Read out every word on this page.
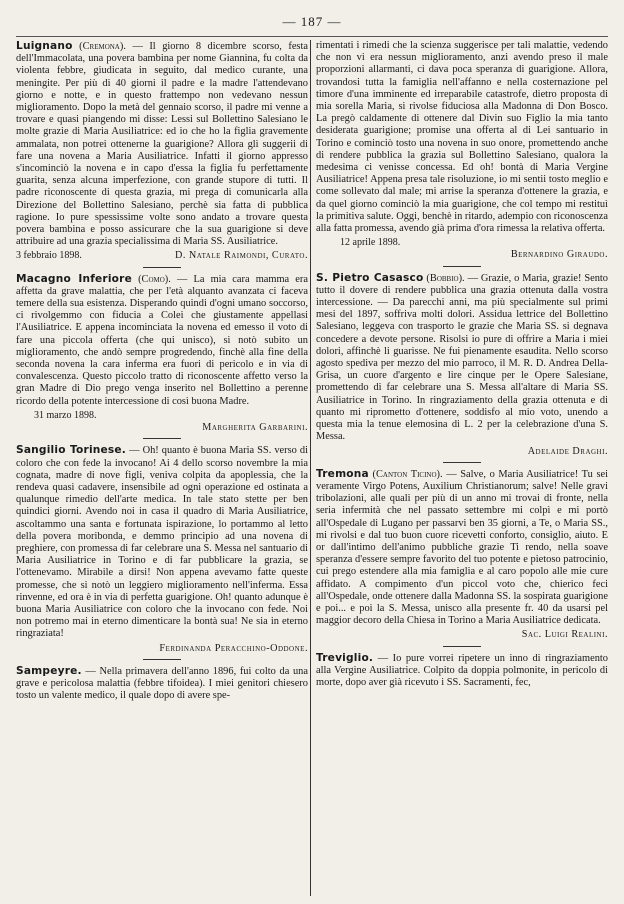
— 187 —

Luignano (Cremona). — Il giorno 8 dicembre scorso, festa dell'Immacolata, una povera bambina per nome Giannina, fu colta da violenta febbre, giudicata in seguito, dal medico curante, una meningite. Per più di 40 giorni il padre e la madre l'attendevano giorno e notte, e in questo frattempo non vedevano nessun miglioramento. Dopo la metà del gennaio scorso, il padre mi venne a trovare e quasi piangendo mi disse: Lessi sul Bollettino Salesiano le molte grazie di Maria Ausiliatrice: ed io che ho la figlia gravemente ammalata, non potrei ottenerne la guarigione? Allora gli suggerii di fare una novena a Maria Ausiliatrice. Infatti il giorno appresso s'incominciò la novena e in capo d'essa la figlia fu perfettamente guarita, senza alcuna imperfezione, con grande stupore di tutti. Il padre riconoscente di questa grazia, mi prega di comunicarla alla Direzione del Bollettino Salesiano, perchè sia fatta di pubblica ragione. Io pure spessissime volte sono andato a trovare questa povera bambina e posso assicurare che la sua guarigione si deve attribuire ad una grazia specialissima di Maria SS. Ausiliatrice.

3 febbraio 1898.	D. Natale Raimondi, Curato.

Macagno Inferiore (Como). — La mia cara mamma era affetta da grave malattia, che per l'età alquanto avanzata ci faceva temere della sua esistenza. Disperando quindi d'ogni umano soccorso, ci rivolgemmo con fiducia a Colei che giustamente appellasi l'Ausiliatrice. E appena incominciata la novena ed emesso il voto di fare una piccola offerta (che qui unisco), si notò subito un miglioramento, che andò sempre progredendo, finchè alla fine della seconda novena la cara inferma era fuori di pericolo e in via di convalescenza. Questo piccolo tratto di riconoscente affetto verso la gran Madre di Dio prego venga inserito nel Bollettino a perenne ricordo della potente intercessione di così buona Madre.

31 marzo 1898.
Margherita Garbarini.

Sangilio Torinese. — Oh! quanto è buona Maria SS. verso di coloro che con fede la invocano! Ai 4 dello scorso novembre la mia cognata, madre di nove figli, veniva colpita da apoplessia, che la rendeva quasi cadavere, insensibile ad ogni operazione ed ostinata a qualunque rimedio dell'arte medica. In tale stato stette per ben quindici giorni. Avendo noi in casa il quadro di Maria Ausiliatrice, ascoltammo una santa e fortunata ispirazione, lo portammo al letto della povera moribonda, e demmo principio ad una novena di preghiere, con promessa di far celebrare una S. Messa nel santuario di Maria Ausiliatrice in Torino e di far pubblicare la grazia, se l'ottenevamo. Mirabile a dirsi! Non appena avevamo fatte queste promesse, che si notò un leggiero miglioramento nell'inferma. Essa rinvenne, ed ora è in via di perfetta guarigione. Oh! quanto adunque è buona Maria Ausiliatrice con coloro che la invocano con fede. Noi non potremo mai in eterno dimenticare la bontà sua! Ne sia in eterno ringraziata!

Ferdinanda Peracchino-Oddone.

Sampeyre. — Nella primavera dell'anno 1896, fui colto da una grave e pericolosa malattia (febbre tifoidea). I miei genitori chiesero tosto un valente medico, il quale dopo di avere spe-

rimentati i rimedi che la scienza suggerisce per tali malattie, vedendo che non vi era nessun miglioramento, anzi avendo preso il male proporzioni allarmanti, ci dava poca speranza di guarigione. Allora, trovandosi tutta la famiglia nell'affanno e nella costernazione pel timore d'una imminente ed irreparabile catastrofe, dietro proposta di mia sorella Maria, si rivolse fiduciosa alla Madonna di Don Bosco. La pregò caldamente di ottenere dal Divin suo Figlio la mia tanto desiderata guarigione; promise una offerta al di Lei santuario in Torino e cominciò tosto una novena in suo onore, promettendo anche di rendere pubblica la grazia sul Bollettino Salesiano, qualora la medesima ci venisse concessa. Ed oh! bontà di Maria Vergine Ausiliatrice! Appena presa tale risoluzione, io mi sentii tosto meglio e come sollevato dal male; mi arrise la speranza d'ottenere la grazia, e da quel giorno cominciò la mia guarigione, che col tempo mi restituì la primitiva salute. Oggi, benchè in ritardo, adempio con riconoscenza alla fatta promessa, avendo già prima d'ora rimessa la relativa offerta.

12 aprile 1898.
Bernardino Giraudo.

S. Pietro Casasco (Bobbio). — Grazie, o Maria, grazie! Sento tutto il dovere di rendere pubblica una grazia ottenuta dalla vostra intercessione. — Da parecchi anni, ma più specialmente sul primi mesi del 1897, soffriva molti dolori. Assidua lettrice del Bollettino Salesiano, leggeva con trasporto le grazie che Maria SS. si degnava concedere a devote persone. Risolsi io pure di offrire a Maria i miei dolori, affinchè li guarisse. Ne fui pienamente esaudita. Nello scorso agosto spediva per mezzo del mio parroco, il M. R. D. Andrea Della-Grisa, un cuore d'argento e lire cinque per le Opere Salesiane, promettendo di far celebrare una S. Messa all'altare di Maria SS. Ausiliatrice in Torino. In ringraziamento della grazia ottenuta e di quanto mi riprometto d'ottenere, soddisfo al mio voto, unendo a questa mia la tenue elemosina di L. 2 per la celebrazione d'una S. Messa.

Adelaide Draghi.

Tremona (Canton Ticino). — Salve, o Maria Ausiliatrice! Tu sei veramente Virgo Potens, Auxilium Christianorum; salve! Nelle gravi tribolazioni, alle quali per più di un anno mi trovai di fronte, nella seria infermità che nel passato settembre mi colpì e mi portò all'Ospedale di Lugano per passarvi ben 35 giorni, a Te, o Maria SS., mi rivolsi e dal tuo buon cuore ricevetti conforto, consiglio, aiuto. E or dall'intimo dell'animo pubbliche grazie Ti rendo, nella soave speranza d'essere sempre favorito del tuo potente e pietoso patrocinio, cui prego estendere alla mia famiglia e al caro popolo alle mie cure affidato. A compimento d'un piccol voto che, chierico feci all'Ospedale, onde ottenere dalla Madonna SS. la sospirata guarigione e poi... e poi la S. Messa, unisco alla presente fr. 40 da usarsi pel maggior decoro della Chiesa in Torino a Maria Ausiliatrice dedicata.

Sac. Luigi Realini.

Treviglio. — Io pure vorrei ripetere un inno di ringraziamento alla Vergine Ausiliatrice. Colpito da doppia polmonite, in pericolo di morte, dopo aver già ricevuto i SS. Sacramenti, fec,
